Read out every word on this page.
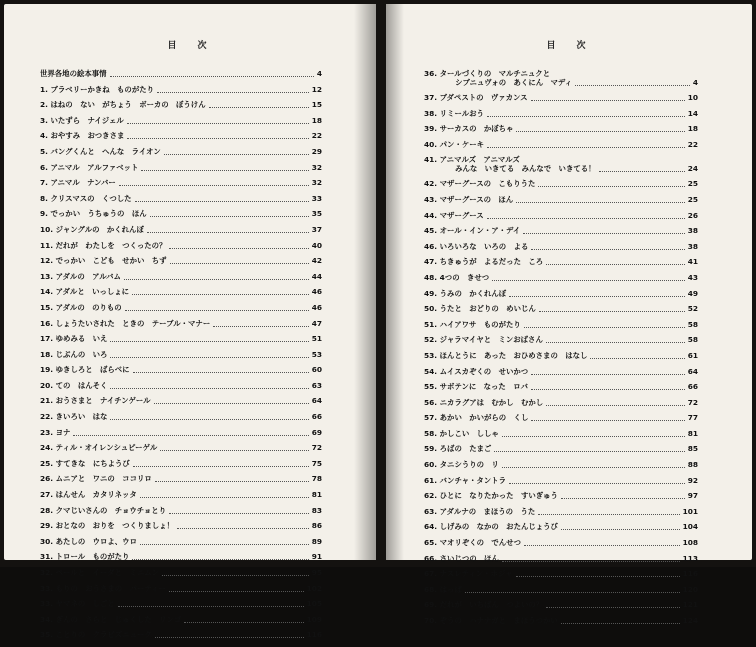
目　次
世界各地の絵本事情	4
1. ブラベリーかきね　ものがたり	12
2. はねの　ない　がちょう　ボーカの　ぼうけん	15
3. いたずら　ナイジェル	18
4. おやすみ　おつきさま	22
5. バングくんと　へんな　ライオン	29
6. アニマル　アルファベット	32
7. アニマル　ナンバー	32
8. クリスマスの　くつした	33
9. でっかい　うちゅうの　ほん	35
10. ジャングルの　かくれんぼ	37
11. だれが　わたしを　つくったの？	40
12. でっかい　こども　せかい　ちず	42
13. アダルの　アルバム	44
14. アダルと　いっしょに	46
15. アダルの　のりもの	46
16. しょうたいされた　ときの　テーブル・マナー	47
17. ゆめみる　いえ	51
18. じぶんの　いろ	53
19. ゆきしろと　ばらべに	60
20. ての　はんそく	63
21. おうさまと　ナイチンゲール	64
22. きいろい　はな	66
23. ヨナ	69
24. ティル・オイレンシュピーゲル	72
25. すてきな　にちようび	75
26. ムニアと　ワニの　ココリロ	78
27. はんせん　カタリネッタ	81
28. クマじいさんの　チョウチョとり	83
29. おとなの　おりを　つくりましょ！	86
30. あたしの　ウロよ、ウロ	89
31. トロール　ものがたり	91
32. ペールと　イーダと　ミニムン	95
33. もりの　おうさまの　パーティー	102
33. ヤマネの　しごと	105
34. ぎんの　さらと　じゅくした　リンゴ	109
35. ことりの　クラビズニューク	116
目　次
36. タールづくりの　マルチニュクと
シブニュヴォの　あくにん　マディ	4
37. ブダペストの　ヴァカンス	10
38. リミールおう	14
39. サーカスの　かぼちゃ	18
40. パン・ケーキ	22
41. アニマルズ　アニマルズ
みんな　いきてる　みんなで　いきてる！	24
42. マザーグースの　こもりうた	25
43. マザーグースの　ほん	25
44. マザーグース	26
45. オール・イン・ア・デイ	38
46. いろいろな　いろの　よる	38
47. ちきゅうが　よるだった　ころ	41
48. 4つの　きせつ	43
49. うみの　かくれんぼ	49
50. うたと　おどりの　めいじん	52
51. ハイアワサ　ものがたり	58
52. ジャラマイヤと　ミンおばさん	58
53. ほんとうに　あった　おひめさまの　はなし	61
54. ムイスカぞくの　せいかつ	64
55. サボテンに　なった　ロバ	66
56. ニカラグアは　むかし　むかし	72
57. あかい　かいがらの　くし	77
58. かしこい　ししゃ	81
59. ろばの　たまご	85
60. タニシうりの　リ	88
61. バンチャ・タントラ	92
62. ひとに　なりたかった　すいぎゅう	97
63. アダルナの　まほうの　うた	101
64. しげみの　なかの　おたんじょうび	104
65. マオリぞくの　でんせつ	108
66. さいじつの　ほん	113
67. ナスレティン・ホジャ	116
68. はっぱ	120
69. だれが　いちばん　つよいの？	121
70. ぞうの　ハナナガと　まほうつかい	124
